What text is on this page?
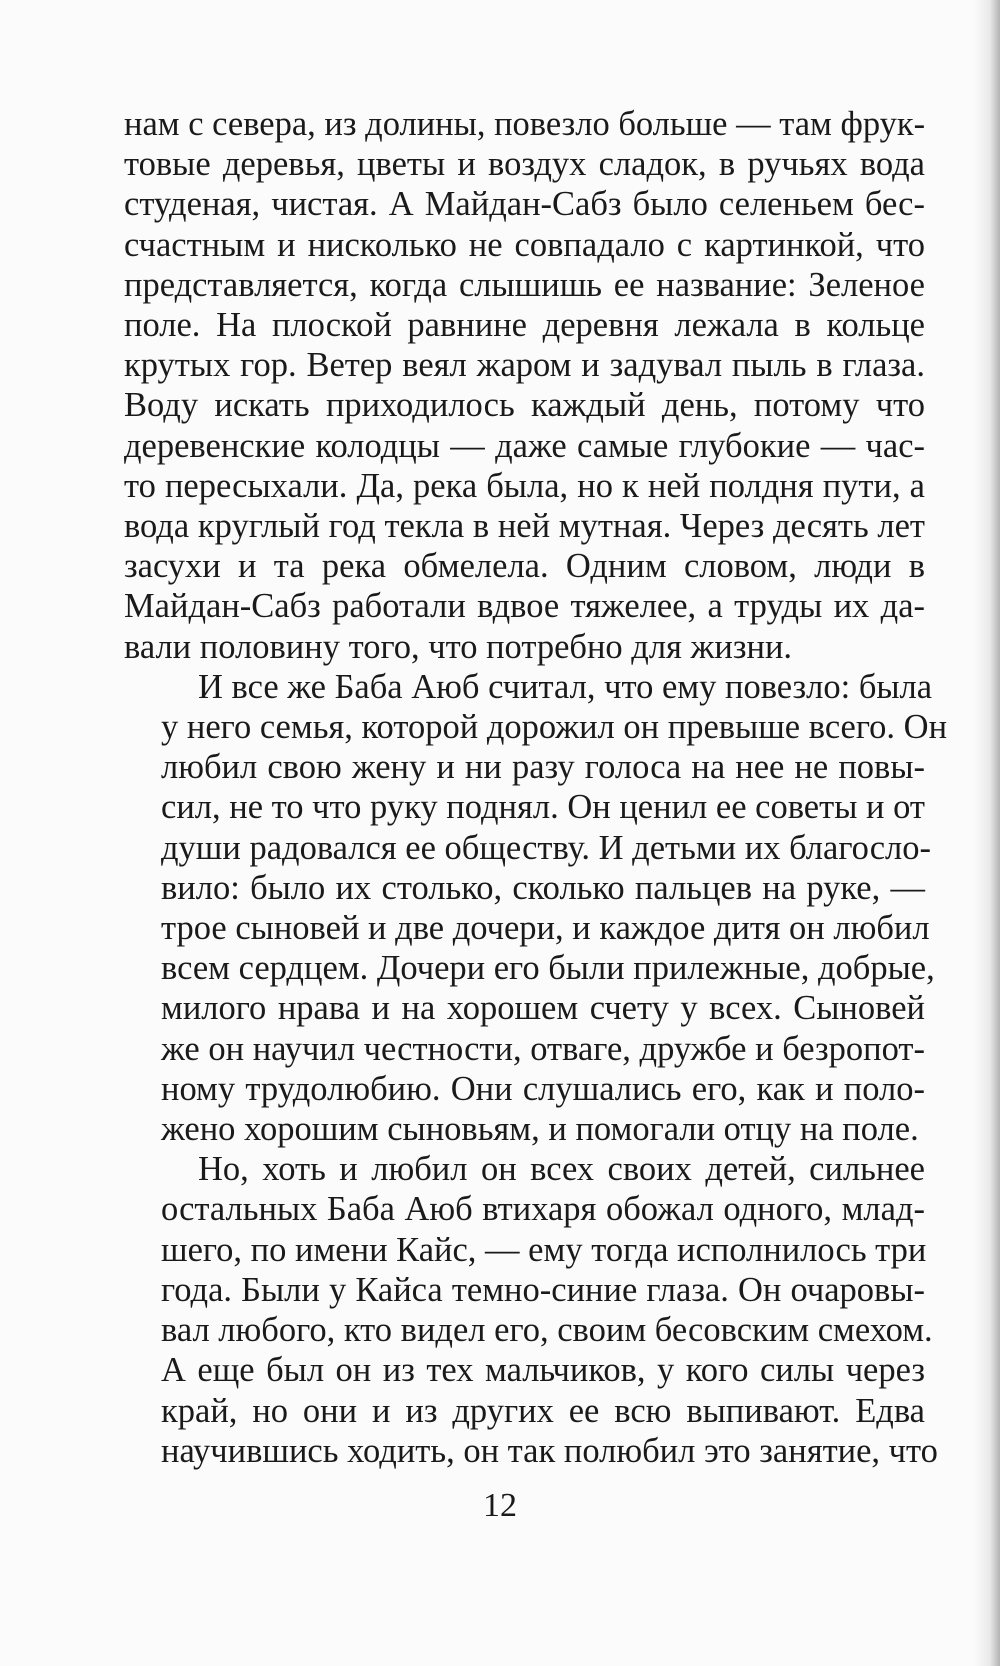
нам с севера, из долины, повезло больше — там фрук-
товые деревья, цветы и воздух сладок, в ручьях вода
студеная, чистая. А Майдан-Сабз было селеньем бес-
счастным и нисколько не совпадало с картинкой, что
представляется, когда слышишь ее название: Зеленое
поле. На плоской равнине деревня лежала в кольце
крутых гор. Ветер веял жаром и задувал пыль в глаза.
Воду искать приходилось каждый день, потому что
деревенские колодцы — даже самые глубокие — час-
то пересыхали. Да, река была, но к ней полдня пути, а
вода круглый год текла в ней мутная. Через десять лет
засухи и та река обмелела. Одним словом, люди в
Майдан-Сабз работали вдвое тяжелее, а труды их да-
вали половину того, что потребно для жизни.

И все же Баба Аюб считал, что ему повезло: была
у него семья, которой дорожил он превыше всего. Он
любил свою жену и ни разу голоса на нее не повы-
сил, не то что руку поднял. Он ценил ее советы и от
души радовался ее обществу. И детьми их благосло-
вило: было их столько, сколько пальцев на руке, —
трое сыновей и две дочери, и каждое дитя он любил
всем сердцем. Дочери его были прилежные, добрые,
милого нрава и на хорошем счету у всех. Сыновей
же он научил честности, отваге, дружбе и безропот-
ному трудолюбию. Они слушались его, как и поло-
жено хорошим сыновьям, и помогали отцу на поле.

Но, хоть и любил он всех своих детей, сильнее
остальных Баба Аюб втихаря обожал одного, млад-
шего, по имени Кайс, — ему тогда исполнилось три
года. Были у Кайса темно-синие глаза. Он очаровы-
вал любого, кто видел его, своим бесовским смехом.
А еще был он из тех мальчиков, у кого силы через
край, но они и из других ее всю выпивают. Едва
научившись ходить, он так полюбил это занятие, что

12
